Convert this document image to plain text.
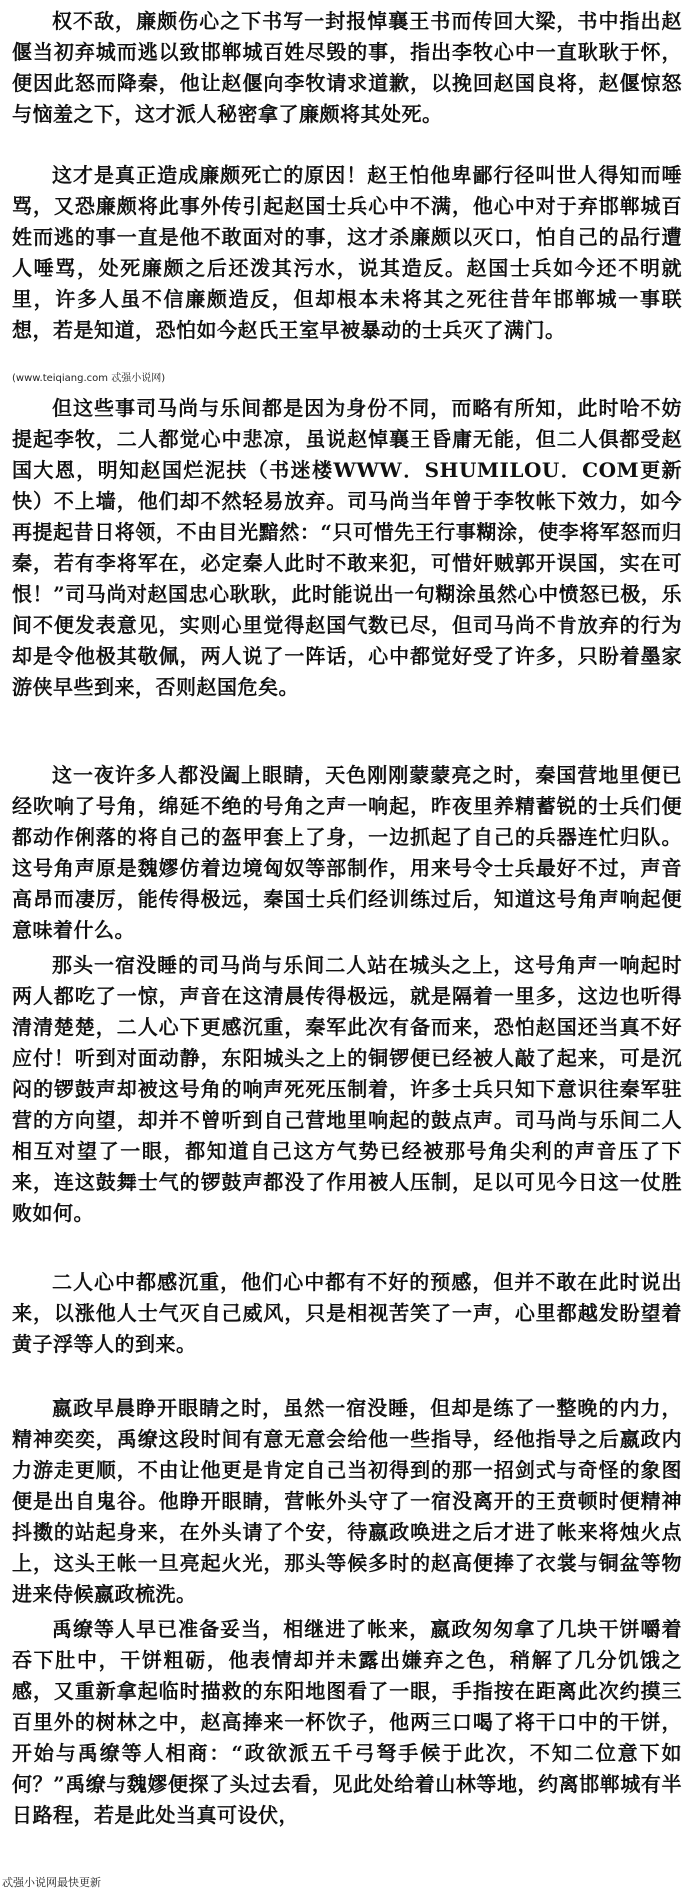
权不敌，廉颇伤心之下书写一封报悼襄王书而传回大梁，书中指出赵偃当初弃城而逃以致邯郸城百姓尽毁的事，指出李牧心中一直耿耿于怀，便因此怒而降秦，他让赵偃向李牧请求道歉，以挽回赵国良将，赵偃惊怒与恼羞之下，这才派人秘密拿了廉颇将其处死。

这才是真正造成廉颇死亡的原因！赵王怕他卑鄙行径叫世人得知而唾骂，又恐廉颇将此事外传引起赵国士兵心中不满，他心中对于弃邯郸城百姓而逃的事一直是他不敢面对的事，这才杀廉颇以灭口，怕自己的品行遭人唾骂，处死廉颇之后还泼其污水，说其造反。赵国士兵如今还不明就里，许多人虽不信廉颇造反，但却根本未将其之死往昔年邯郸城一事联想，若是知道，恐怕如今赵氏王室早被暴动的士兵灭了满门。

(www.teiqiang.com 忒强小说网)

但这些事司马尚与乐间都是因为身份不同，而略有所知，此时哈不妨提起李牧，二人都觉心中悲凉，虽说赵悼襄王昏庸无能，但二人俱都受赵国大恩，明知赵国烂泥扶（书迷楼WWW．SHUMILOU．COM更新快）不上墙，他们却不然轻易放弃。司马尚当年曾于李牧帐下效力，如今再提起昔日将领，不由目光黯然：“只可惜先王行事糊涂，使李将军怒而归秦，若有李将军在，必定秦人此时不敢来犯，可惜奸贼郭开误国，实在可恨！”司马尚对赵国忠心耿耿，此时能说出一句糊涂虽然心中愤怒已极，乐间不便发表意见，实则心里觉得赵国气数已尽，但司马尚不肯放弃的行为却是令他极其敬佩，两人说了一阵话，心中都觉好受了许多，只盼着墨家游侠早些到来，否则赵国危矣。

这一夜许多人都没阖上眼睛，天色刚刚蒙蒙亮之时，秦国营地里便已经吹响了号角，绵延不绝的号角之声一响起，昨夜里养精蓄锐的士兵们便都动作俐落的将自己的盔甲套上了身，一边抓起了自己的兵器连忙归队。这号角声原是魏嫪仿着边境匈奴等部制作，用来号令士兵最好不过，声音高昂而凄厉，能传得极远，秦国士兵们经训练过后，知道这号角声响起便意味着什么。

那头一宿没睡的司马尚与乐间二人站在城头之上，这号角声一响起时两人都吃了一惊，声音在这清晨传得极远，就是隔着一里多，这边也听得清清楚楚，二人心下更感沉重，秦军此次有备而来，恐怕赵国还当真不好应付！听到对面动静，东阳城头之上的铜锣便已经被人敲了起来，可是沉闷的锣鼓声却被这号角的响声死死压制着，许多士兵只知下意识往秦军驻营的方向望，却并不曾听到自己营地里响起的鼓点声。司马尚与乐间二人相互对望了一眼，都知道自己这方气势已经被那号角尖利的声音压了下来，连这鼓舞士气的锣鼓声都没了作用被人压制，足以可见今日这一仗胜败如何。

二人心中都感沉重，他们心中都有不好的预感，但并不敢在此时说出来，以涨他人士气灭自己威风，只是相视苦笑了一声，心里都越发盼望着黄子浮等人的到来。

嬴政早晨睁开眼睛之时，虽然一宿没睡，但却是练了一整晚的内力，精神奕奕，禹缭这段时间有意无意会给他一些指导，经他指导之后嬴政内力游走更顺，不由让他更是肯定自己当初得到的那一招剑式与奇怪的象图便是出自鬼谷。他睁开眼睛，营帐外头守了一宿没离开的王贲顿时便精神抖擞的站起身来，在外头请了个安，待嬴政唤进之后才进了帐来将烛火点上，这头王帐一旦亮起火光，那头等候多时的赵高便捧了衣裳与铜盆等物进来侍候嬴政梳洗。

禹缭等人早已准备妥当，相继进了帐来，嬴政匆匆拿了几块干饼嚼着吞下肚中，干饼粗砺，他表情却并未露出嫌弃之色，稍解了几分饥饿之感，又重新拿起临时描救的东阳地图看了一眼，手指按在距离此次约摸三百里外的树林之中，赵高捧来一杯饮子，他两三口喝了将干口中的干饼，开始与禹缭等人相商：“政欲派五千弓弩手候于此次，不知二位意下如何？”禹缭与魏嫪便探了头过去看，见此处给着山林等地，约离邯郸城有半日路程，若是此处当真可设伏，

忒强小说网最快更新
